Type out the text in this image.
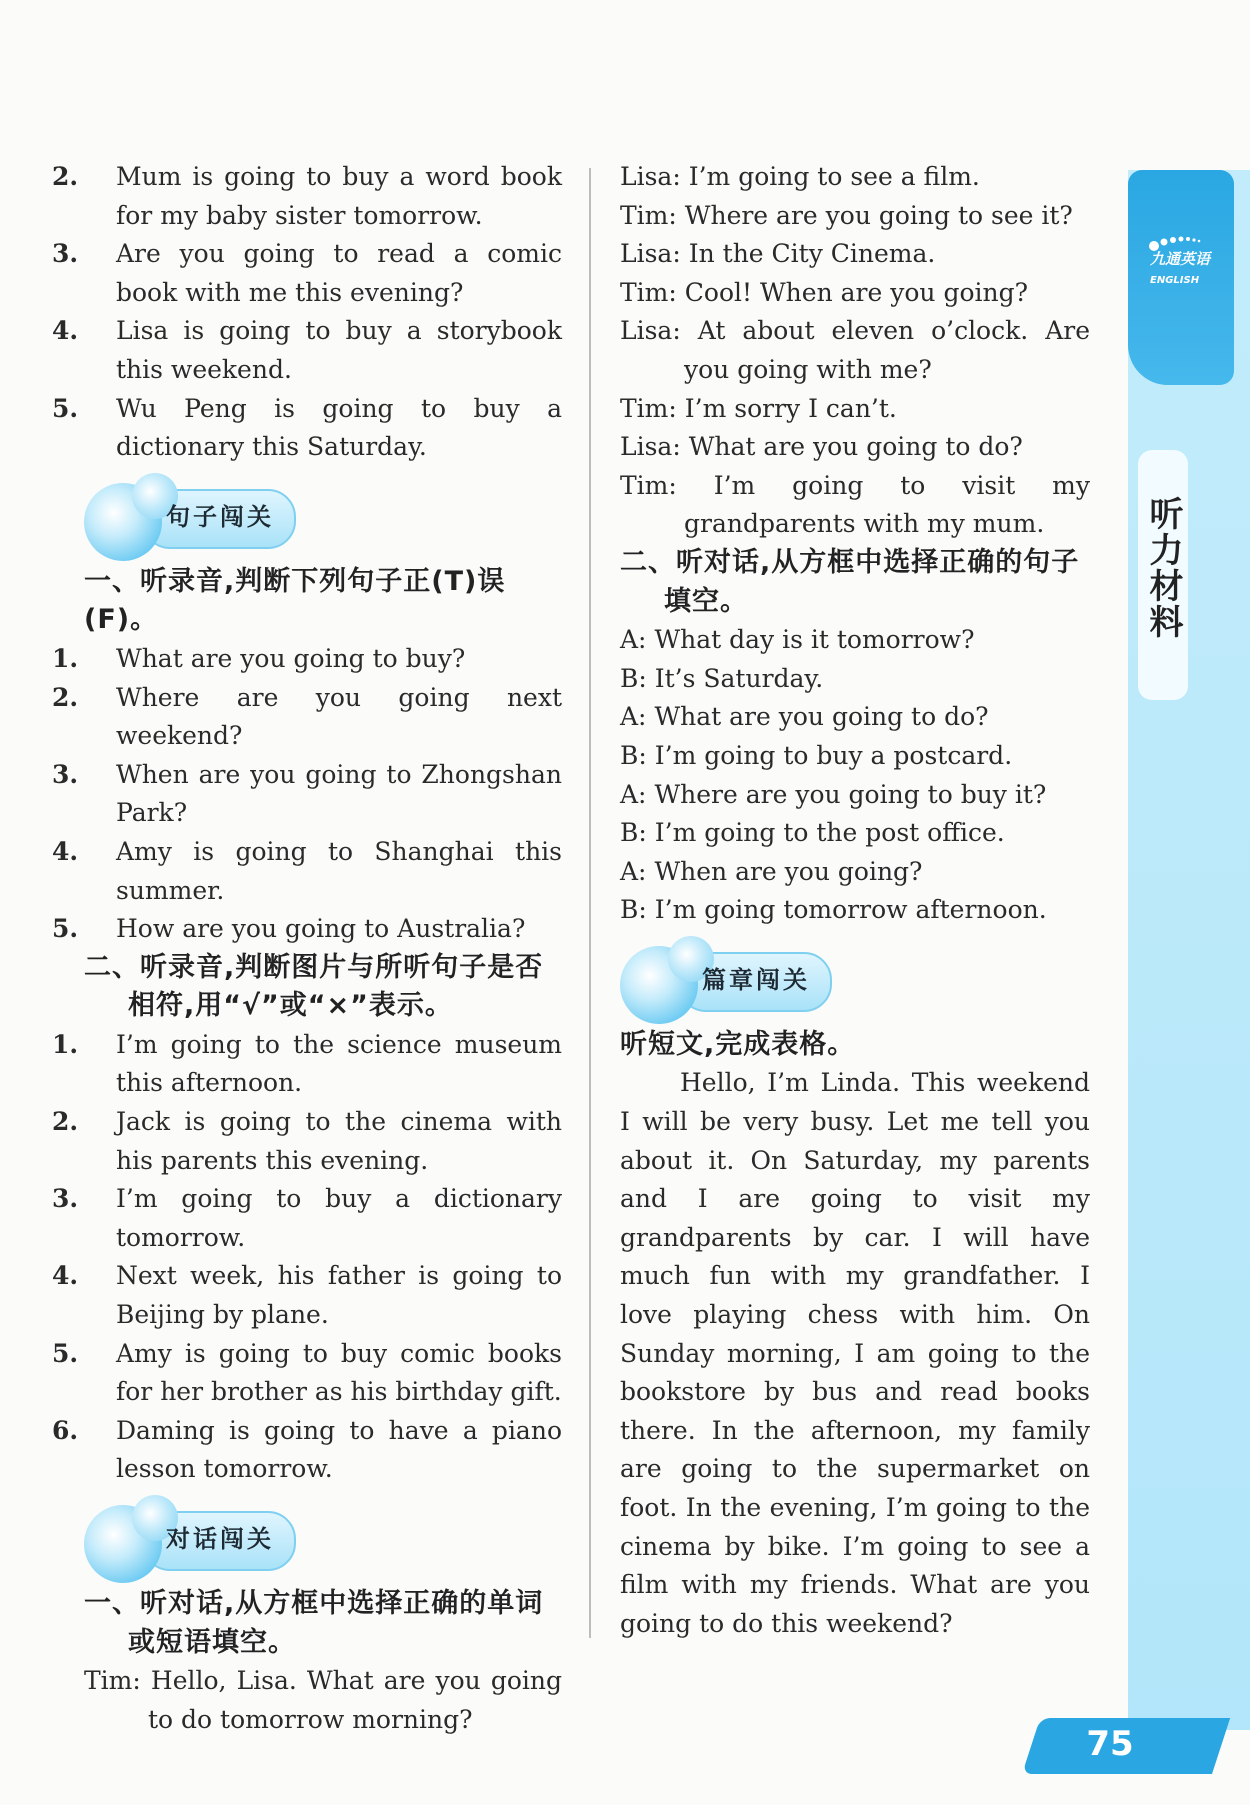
2. Mum is going to buy a word book for my baby sister tomorrow.
3. Are you going to read a comic book with me this evening?
4. Lisa is going to buy a storybook this weekend.
5. Wu Peng is going to buy a dictionary this Saturday.
句子闯关
一、听录音,判断下列句子正(T)误(F)。
1. What are you going to buy?
2. Where are you going next weekend?
3. When are you going to Zhongshan Park?
4. Amy is going to Shanghai this summer.
5. How are you going to Australia?
二、听录音,判断图片与所听句子是否相符,用“√”或“×”表示。
1. I’m going to the science museum this afternoon.
2. Jack is going to the cinema with his parents this evening.
3. I’m going to buy a dictionary tomorrow.
4. Next week, his father is going to Beijing by plane.
5. Amy is going to buy comic books for her brother as his birthday gift.
6. Daming is going to have a piano lesson tomorrow.
对话闯关
一、听对话,从方框中选择正确的单词或短语填空。
Tim: Hello, Lisa. What are you going to do tomorrow morning?
Lisa: I’m going to see a film.
Tim: Where are you going to see it?
Lisa: In the City Cinema.
Tim: Cool! When are you going?
Lisa: At about eleven o’clock. Are you going with me?
Tim: I’m sorry I can’t.
Lisa: What are you going to do?
Tim: I’m going to visit my grandparents with my mum.
二、听对话,从方框中选择正确的句子填空。
A: What day is it tomorrow?
B: It’s Saturday.
A: What are you going to do?
B: I’m going to buy a postcard.
A: Where are you going to buy it?
B: I’m going to the post office.
A: When are you going?
B: I’m going tomorrow afternoon.
篇章闯关
听短文,完成表格。
Hello, I’m Linda. This weekend I will be very busy. Let me tell you about it. On Saturday, my parents and I are going to visit my grandparents by car. I will have much fun with my grandfather. I love playing chess with him. On Sunday morning, I am going to the bookstore by bus and read books there. In the afternoon, my family are going to the supermarket on foot. In the evening, I’m going to the cinema by bike. I’m going to see a film with my friends. What are you going to do this weekend?
九通英语
ENGLISH
听力材料
75
